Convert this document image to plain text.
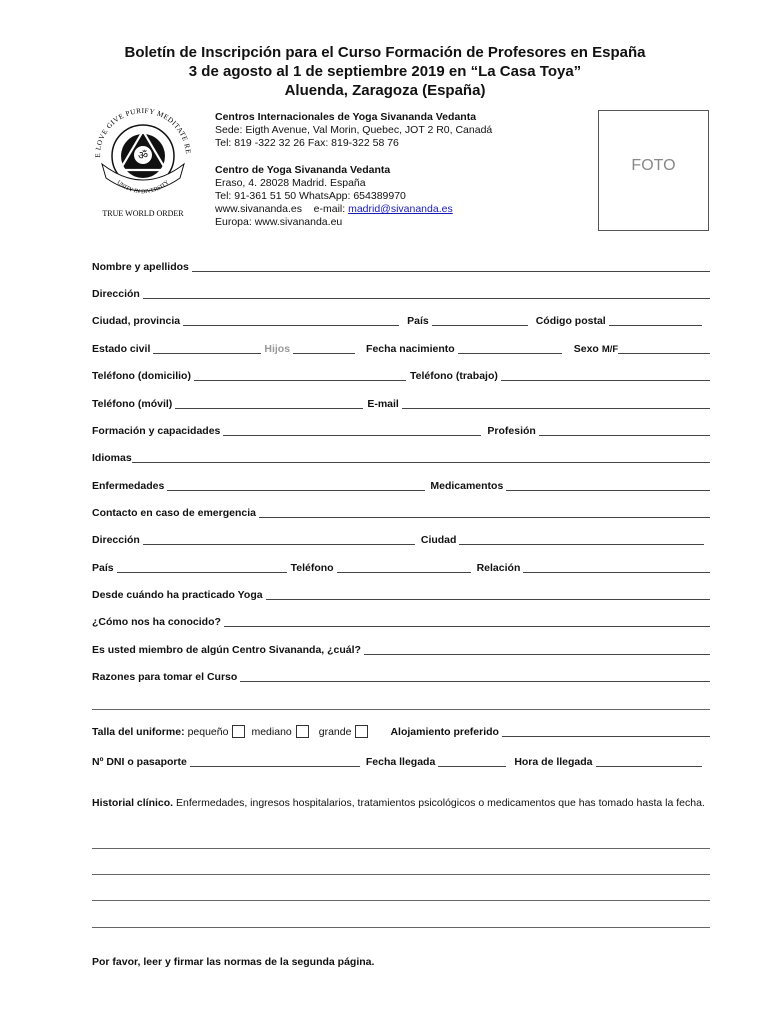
Boletín de Inscripción para el Curso Formación de Profesores en España
3 de agosto al 1 de septiembre 2019 en “La Casa Toya”
Aluenda, Zaragoza (España)
E LOVE GIVE PURIFY MEDITATE RE
ॐ
UNITY IN DIVERSITY
TRUE WORLD ORDER
Centros Internacionales de Yoga Sivananda Vedanta
Sede: Eigth Avenue, Val Morin, Quebec, JOT 2 R0, Canadá
Tel: 819 -322 32 26 Fax: 819-322 58 76
Centro de Yoga Sivananda Vedanta
Eraso, 4. 28028 Madrid. España
Tel: 91-361 51 50 WhatsApp: 654389970
www.sivananda.es e-mail: madrid@sivananda.es
Europa: www.sivananda.eu
FOTO
Nombre y apellidos
Dirección
Ciudad, provincia	País	Código postal
Estado civil	Hijos	Fecha nacimiento	Sexo M/F
Teléfono (domicilio)	Teléfono (trabajo)
Teléfono (móvil)	E-mail
Formación y capacidades	Profesión
Idiomas
Enfermedades	Medicamentos
Contacto en caso de emergencia
Dirección	Ciudad
País	Teléfono	Relación
Desde cuándo ha practicado Yoga
¿Cómo nos ha conocido?
Es usted miembro de algún Centro Sivananda, ¿cuál?
Razones para tomar el Curso
Talla del uniforme: pequeño mediano	grande	Alojamiento preferido
Nº DNI o pasaporte	Fecha llegada	Hora de llegada
Historial clínico. Enfermedades, ingresos hospitalarios, tratamientos psicológicos o medicamentos que has tomado hasta la fecha.
Por favor, leer y firmar las normas de la segunda página.
